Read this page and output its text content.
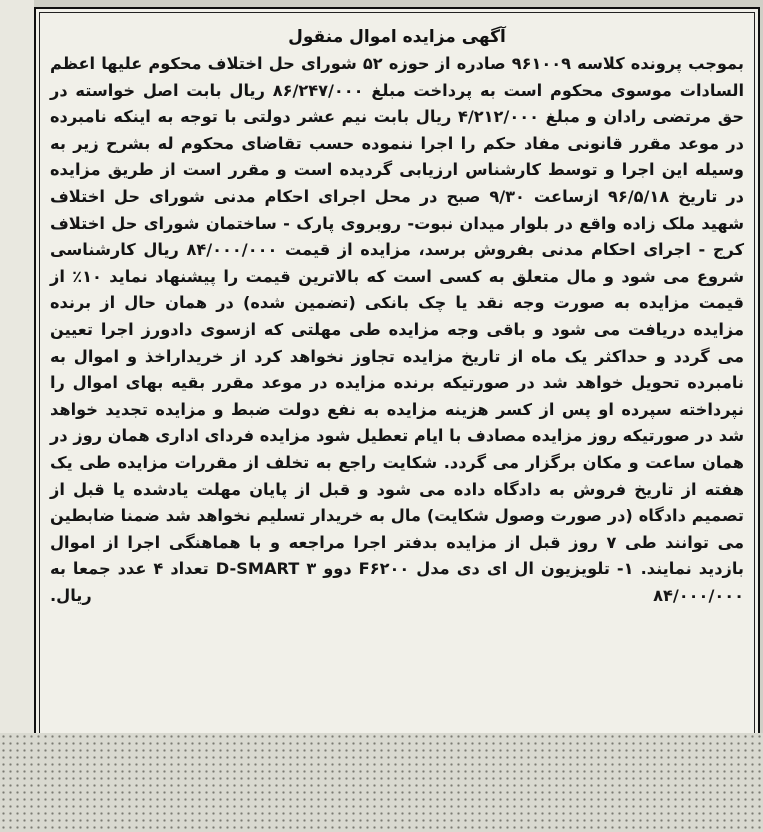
آگهی مزایده اموال منقول

بموجب پرونده کلاسه ۹۶۱۰۰۹ صادره از حوزه ۵۲ شورای حل اختلاف محکوم علیها اعظم السادات موسوی محکوم است به پرداخت مبلغ ۸۶/۲۴۷/۰۰۰ ریال بابت اصل خواسته در حق مرتضی رادان و مبلغ ۴/۲۱۲/۰۰۰ ریال بابت نیم عشر دولتی با توجه به اینکه نامبرده در موعد مقرر قانونی مفاد حکم را اجرا ننموده حسب تقاضای محکوم له بشرح زیر به وسیله این اجرا و توسط کارشناس ارزیابی گردیده است و مقرر است از طریق مزایده در تاریخ ۹۶/۵/۱۸ ازساعت ۹/۳۰ صبح در محل اجرای احکام مدنی شورای حل اختلاف شهید ملک زاده واقع در بلوار میدان نبوت- روبروی پارک - ساختمان شورای حل اختلاف کرج - اجرای احکام مدنی بفروش برسد، مزایده از قیمت ۸۴/۰۰۰/۰۰۰ ریال کارشناسی شروع می شود و مال متعلق به کسی است که بالاترین قیمت را پیشنهاد نماید ۱۰٪ از قیمت مزایده به صورت وجه نقد یا چک بانکی (تضمین شده) در همان حال از برنده مزایده دریافت می شود و باقی وجه مزایده طی مهلتی که ازسوی دادورز اجرا تعیین می گردد و حداکثر یک ماه از تاریخ مزایده تجاوز نخواهد کرد از خریداراخذ و اموال به نامبرده تحویل خواهد شد در صورتیکه برنده مزایده در موعد مقرر بقیه بهای اموال را نپرداخته سپرده او پس از کسر هزینه مزایده به نفع دولت ضبط و مزایده تجدید خواهد شد در صورتیکه روز مزایده مصادف با ایام تعطیل شود مزایده فردای اداری همان روز در همان ساعت و مکان برگزار می گردد. شکایت راجع به تخلف از مقررات مزایده طی یک هفته از تاریخ فروش به دادگاه داده می شود و قبل از پایان مهلت یادشده یا قبل از تصمیم دادگاه (در صورت وصول شکایت) مال به خریدار تسلیم نخواهد شد ضمنا ضابطین می توانند طی ۷ روز قبل از مزایده بدفتر اجرا مراجعه و با هماهنگی اجرا از اموال بازدید نمایند. ۱- تلویزیون ال ای دی مدل F۶۲۰۰ دوو D-SMART ۳ تعداد ۴ عدد جمعا به ۸۴/۰۰۰/۰۰۰ ریال.
